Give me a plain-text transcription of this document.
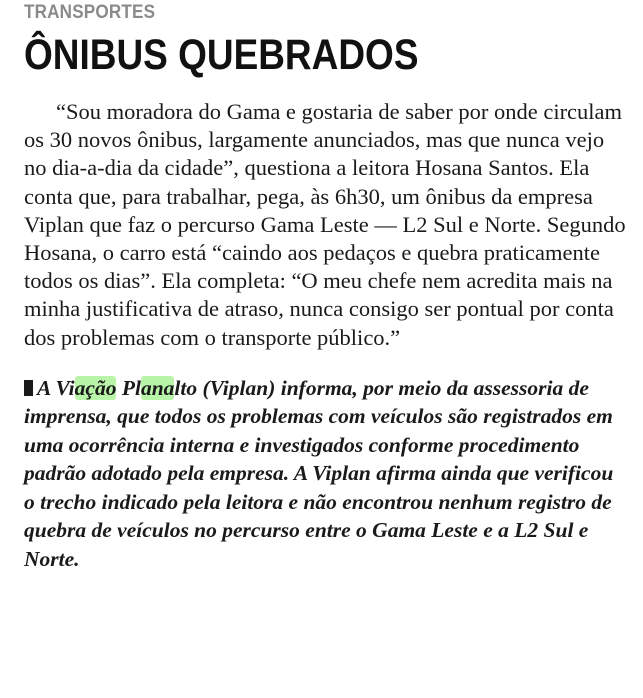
TRANSPORTES
ÔNIBUS QUEBRADOS

“Sou moradora do Gama e gostaria de saber por onde circulam os 30 novos ônibus, largamente anunciados, mas que nunca vejo no dia-a-dia da cidade”, questiona a leitora Hosana Santos. Ela conta que, para trabalhar, pega, às 6h30, um ônibus da empresa Viplan que faz o percurso Gama Leste — L2 Sul e Norte. Segundo Hosana, o carro está “caindo aos pedaços e quebra praticamente todos os dias”. Ela completa: “O meu chefe nem acredita mais na minha justificativa de atraso, nunca consigo ser pontual por conta dos problemas com o transporte público.”

A Viação Planalto (Viplan) informa, por meio da assessoria de imprensa, que todos os problemas com veículos são registrados em uma ocorrência interna e investigados conforme procedimento padrão adotado pela empresa. A Viplan afirma ainda que verificou o trecho indicado pela leitora e não encontrou nenhum registro de quebra de veículos no percurso entre o Gama Leste e a L2 Sul e Norte.
